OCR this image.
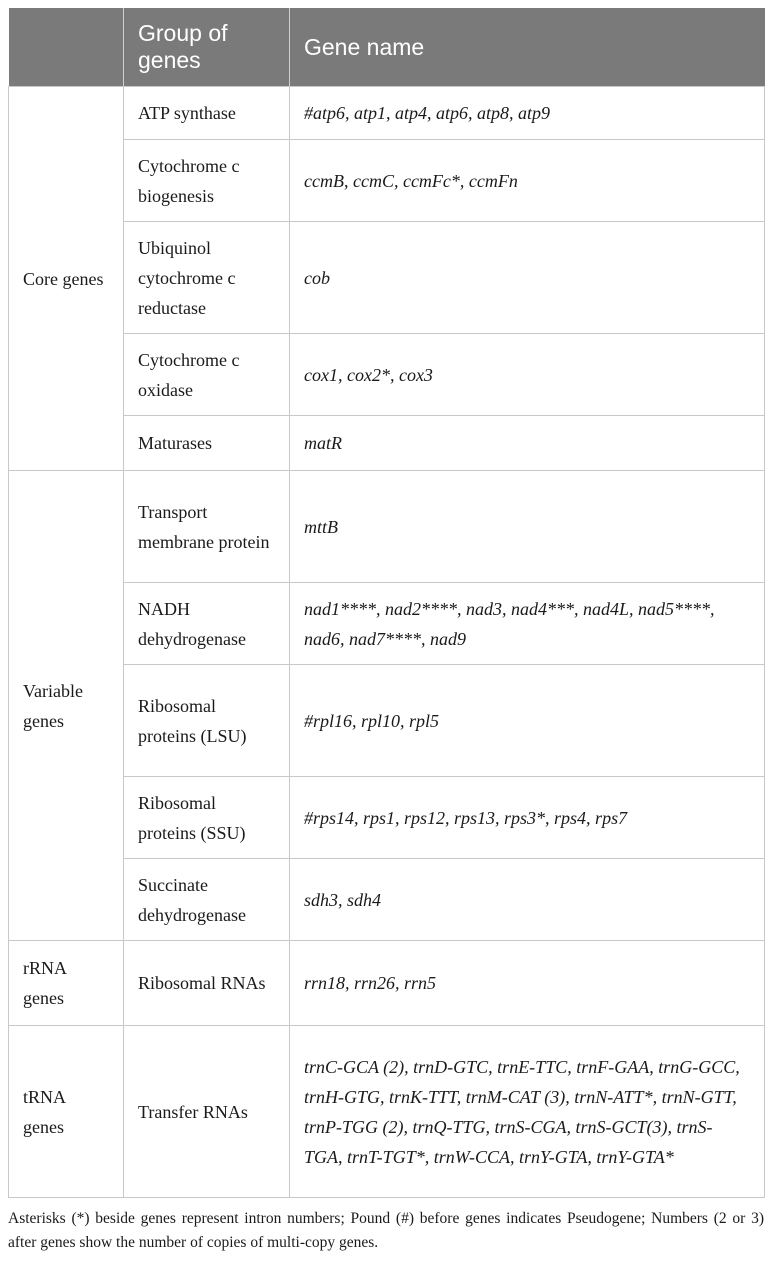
	Group of genes	Gene name
Core genes	ATP synthase	#atp6, atp1, atp4, atp6, atp8, atp9
	Cytochrome c biogenesis	ccmB, ccmC, ccmFc*, ccmFn
	Ubiquinol cytochrome c reductase	cob
	Cytochrome c oxidase	cox1, cox2*, cox3
	Maturases	matR
Variable genes	Transport membrane protein	mttB
	NADH dehydrogenase	nad1****, nad2****, nad3, nad4***, nad4L, nad5****, nad6, nad7****, nad9
	Ribosomal proteins (LSU)	#rpl16, rpl10, rpl5
	Ribosomal proteins (SSU)	#rps14, rps1, rps12, rps13, rps3*, rps4, rps7
	Succinate dehydrogenase	sdh3, sdh4
rRNA genes	Ribosomal RNAs	rrn18, rrn26, rrn5
tRNA genes	Transfer RNAs	trnC-GCA (2), trnD-GTC, trnE-TTC, trnF-GAA, trnG-GCC, trnH-GTG, trnK-TTT, trnM-CAT (3), trnN-ATT*, trnN-GTT, trnP-TGG (2), trnQ-TTG, trnS-CGA, trnS-GCT(3), trnS-TGA, trnT-TGT*, trnW-CCA, trnY-GTA, trnY-GTA*
Asterisks (*) beside genes represent intron numbers; Pound (#) before genes indicates Pseudogene; Numbers (2 or 3) after genes show the number of copies of multi-copy genes.
